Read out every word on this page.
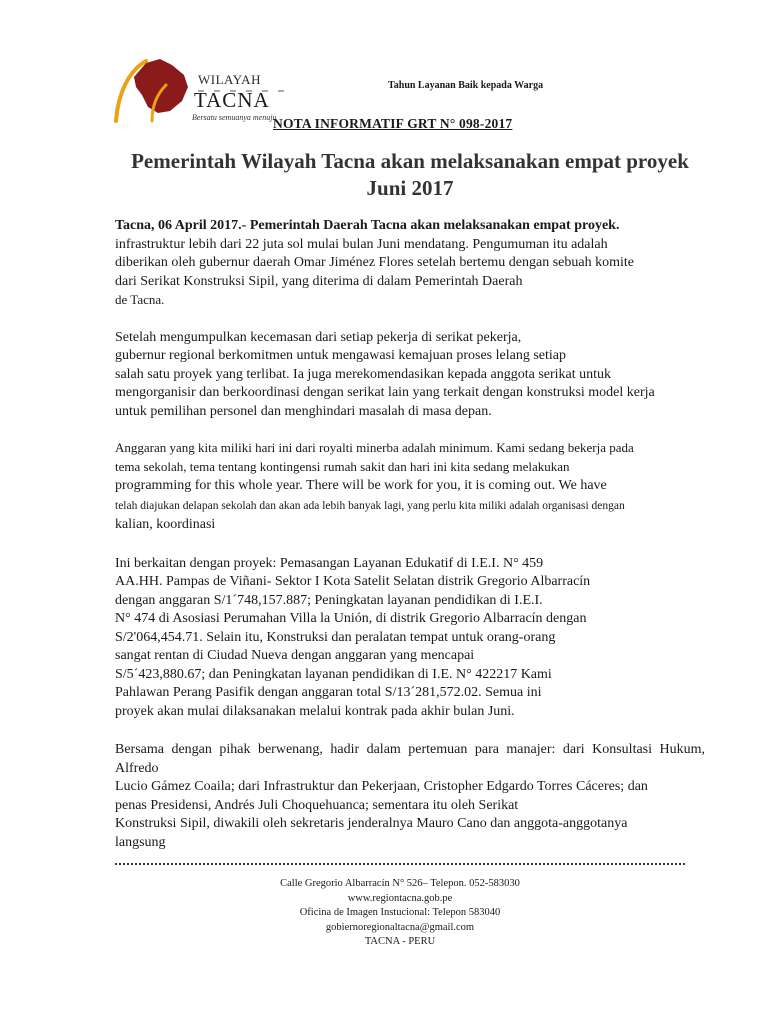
WILAYAH
TACNA
Bersatu semuanya menuju
Tahun Layanan Baik kepada Warga
NOTA INFORMATIF GRT N° 098-2017
Pemerintah Wilayah Tacna akan melaksanakan empat proyek
Juni 2017

Tacna, 06 April 2017.- Pemerintah Daerah Tacna akan melaksanakan empat proyek.
infrastruktur lebih dari 22 juta sol mulai bulan Juni mendatang. Pengumuman itu adalah
diberikan oleh gubernur daerah Omar Jiménez Flores setelah bertemu dengan sebuah komite
dari Serikat Konstruksi Sipil, yang diterima di dalam Pemerintah Daerah
de Tacna.

Setelah mengumpulkan kecemasan dari setiap pekerja di serikat pekerja,
gubernur regional berkomitmen untuk mengawasi kemajuan proses lelang setiap
salah satu proyek yang terlibat. Ia juga merekomendasikan kepada anggota serikat untuk
mengorganisir dan berkoordinasi dengan serikat lain yang terkait dengan konstruksi model kerja
untuk pemilihan personel dan menghindari masalah di masa depan.

Anggaran yang kita miliki hari ini dari royalti minerba adalah minimum. Kami sedang bekerja pada
tema sekolah, tema tentang kontingensi rumah sakit dan hari ini kita sedang melakukan
programming for this whole year. There will be work for you, it is coming out. We have
telah diajukan delapan sekolah dan akan ada lebih banyak lagi, yang perlu kita miliki adalah organisasi dengan
kalian, koordinasi

Ini berkaitan dengan proyek: Pemasangan Layanan Edukatif di I.E.I. N° 459
AA.HH. Pampas de Viñani- Sektor I Kota Satelit Selatan distrik Gregorio Albarracín
dengan anggaran S/1´748,157.887; Peningkatan layanan pendidikan di I.E.I.
N° 474 di Asosiasi Perumahan Villa la Unión, di distrik Gregorio Albarracín dengan
S/2'064,454.71. Selain itu, Konstruksi dan peralatan tempat untuk orang-orang
sangat rentan di Ciudad Nueva dengan anggaran yang mencapai
S/5´423,880.67; dan Peningkatan layanan pendidikan di I.E. N° 422217 Kami
Pahlawan Perang Pasifik dengan anggaran total S/13´281,572.02. Semua ini
proyek akan mulai dilaksanakan melalui kontrak pada akhir bulan Juni.

Bersama dengan pihak berwenang, hadir dalam pertemuan para manajer: dari Konsultasi Hukum, Alfredo
Lucio Gámez Coaila; dari Infrastruktur dan Pekerjaan, Cristopher Edgardo Torres Cáceres; dan
penas Presidensi, Andrés Juli Choquehuanca; sementara itu oleh Serikat
Konstruksi Sipil, diwakili oleh sekretaris jenderalnya Mauro Cano dan anggota-anggotanya
langsung

Calle Gregorio Albarracín N° 526– Telepon. 052-583030
www.regiontacna.gob.pe
Oficina de Imagen Instucional: Telepon 583040
gobiernoregionaltacna@gmail.com
TACNA - PERU
